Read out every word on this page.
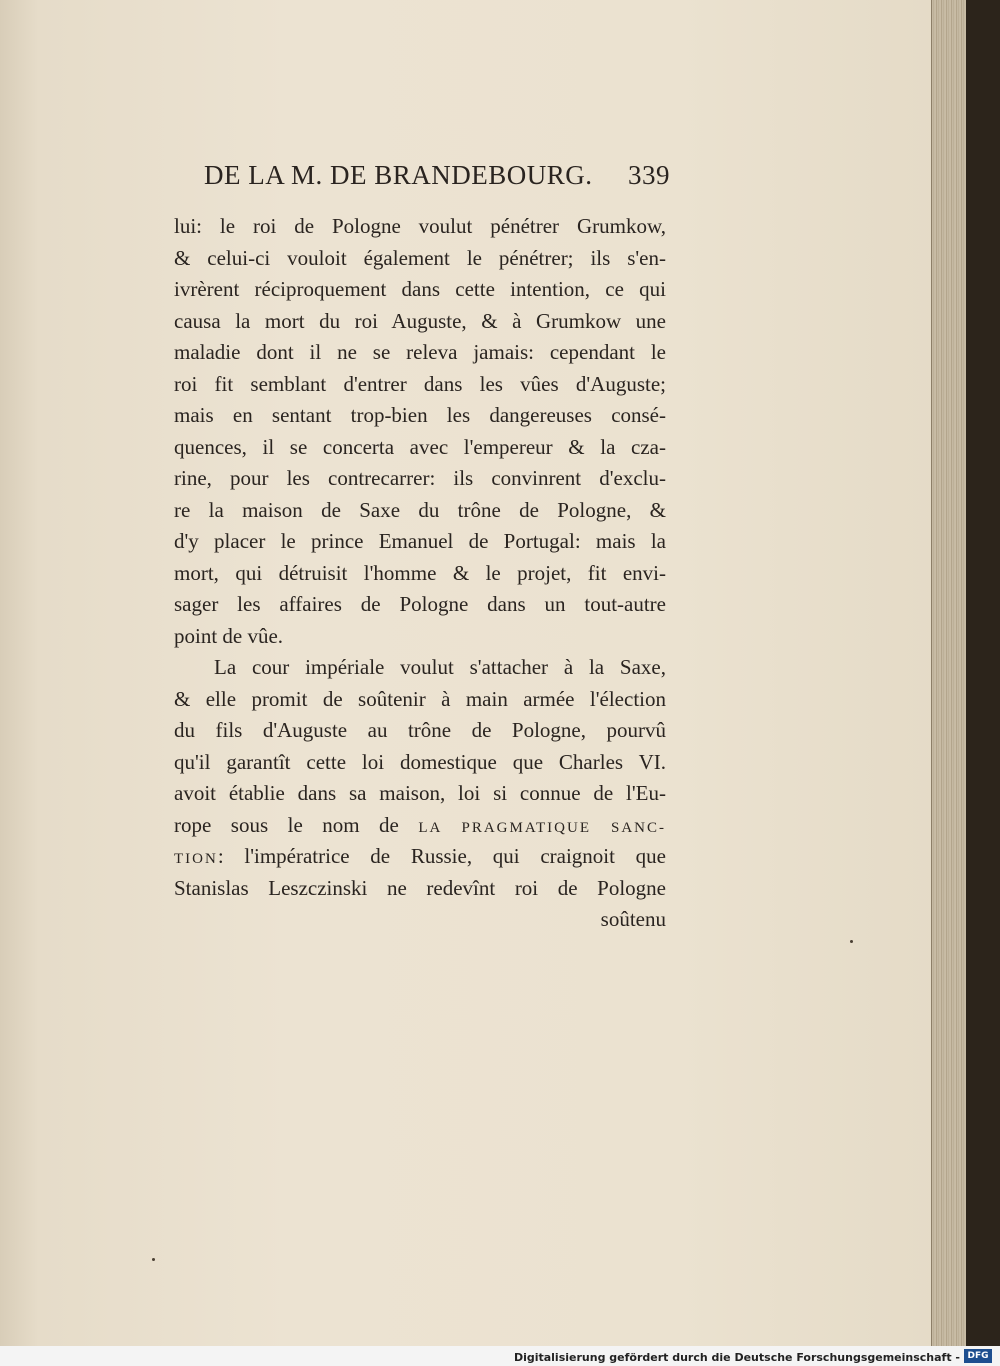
DE LA M. DE BRANDEBOURG. 339
lui: le roi de Pologne voulut pénétrer Grumkow,
& celui-ci vouloit également le pénétrer; ils s'en-
ivrèrent réciproquement dans cette intention, ce qui
causa la mort du roi Auguste, & à Grumkow une
maladie dont il ne se releva jamais: cependant le
roi fit semblant d'entrer dans les vûes d'Auguste;
mais en sentant trop-bien les dangereuses consé-
quences, il se concerta avec l'empereur & la cza-
rine, pour les contrecarrer: ils convinrent d'exclu-
re la maison de Saxe du trône de Pologne, &
d'y placer le prince Emanuel de Portugal: mais la
mort, qui détruisit l'homme & le projet, fit envi-
sager les affaires de Pologne dans un tout-autre
point de vûe.
La cour impériale voulut s'attacher à la Saxe,
& elle promit de soûtenir à main armée l'élection
du fils d'Auguste au trône de Pologne, pourvû
qu'il garantît cette loi domestique que Charles VI.
avoit établie dans sa maison, loi si connue de l'Eu-
rope sous le nom de LA PRAGMATIQUE SANC-
TION: l'impératrice de Russie, qui craignoit que
Stanislas Leszczinski ne redevînt roi de Pologne
soûtenu
Digitalisierung gefördert durch die Deutsche Forschungsgemeinschaft - DFG
